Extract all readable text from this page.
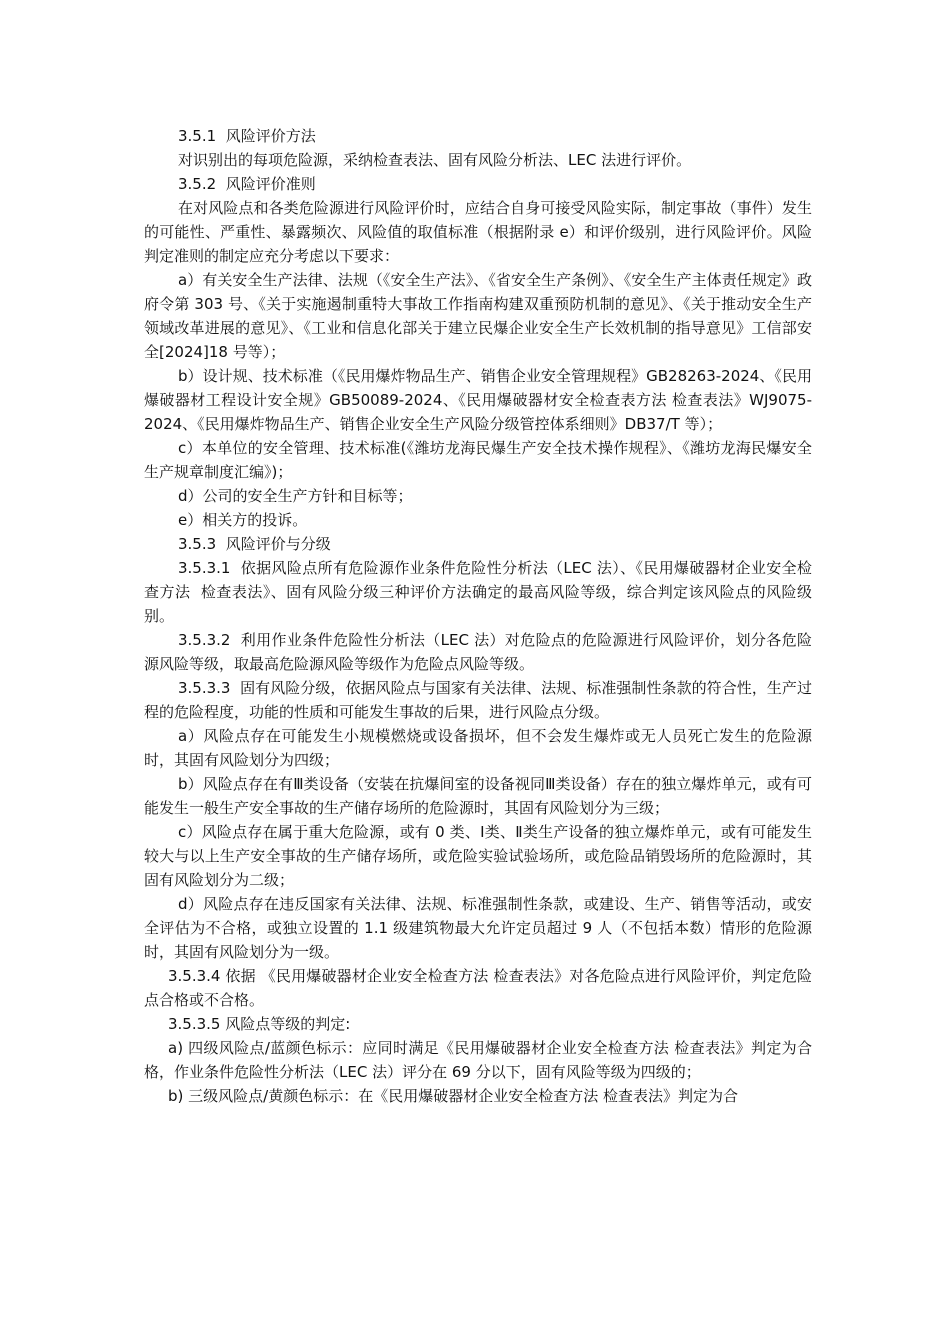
3.5.1  风险评价方法

对识别出的每项危险源，采纳检查表法、固有风险分析法、LEC 法进行评价。

3.5.2  风险评价准则

在对风险点和各类危险源进行风险评价时，应结合自身可接受风险实际，制定事故（事件）发生的可能性、严重性、暴露频次、风险值的取值标准（根据附录 e）和评价级别，进行风险评价。风险判定准则的制定应充分考虑以下要求：

a）有关安全生产法律、法规（《安全生产法》、《省安全生产条例》、《安全生产主体责任规定》政府令第 303 号、《关于实施遏制重特大事故工作指南构建双重预防机制的意见》、《关于推动安全生产领域改革进展的意见》、《工业和信息化部关于建立民爆企业安全生产长效机制的指导意见》工信部安全[2024]18 号等）；

b）设计规、技术标准（《民用爆炸物品生产、销售企业安全管理规程》GB28263-2024、《民用爆破器材工程设计安全规》GB50089-2024、《民用爆破器材安全检查表方法 检查表法》WJ9075-2024、《民用爆炸物品生产、销售企业安全生产风险分级管控体系细则》DB37/T 等）；

c）本单位的安全管理、技术标准(《潍坊龙海民爆生产安全技术操作规程》、《潍坊龙海民爆安全生产规章制度汇编》)；

d）公司的安全生产方针和目标等；

e）相关方的投诉。

3.5.3  风险评价与分级

3.5.3.1  依据风险点所有危险源作业条件危险性分析法（LEC 法）、《民用爆破器材企业安全检查方法  检查表法》、固有风险分级三种评价方法确定的最高风险等级，综合判定该风险点的风险级别。

3.5.3.2  利用作业条件危险性分析法（LEC 法）对危险点的危险源进行风险评价，划分各危险源风险等级，取最高危险源风险等级作为危险点风险等级。

3.5.3.3  固有风险分级，依据风险点与国家有关法律、法规、标准强制性条款的符合性，生产过程的危险程度，功能的性质和可能发生事故的后果，进行风险点分级。

a）风险点存在可能发生小规模燃烧或设备损坏，但不会发生爆炸或无人员死亡发生的危险源时，其固有风险划分为四级；

b）风险点存在有Ⅲ类设备（安装在抗爆间室的设备视同Ⅲ类设备）存在的独立爆炸单元，或有可能发生一般生产安全事故的生产储存场所的危险源时，其固有风险划分为三级；

c）风险点存在属于重大危险源，或有 0 类、Ⅰ类、Ⅱ类生产设备的独立爆炸单元，或有可能发生较大与以上生产安全事故的生产储存场所，或危险实验试验场所，或危险品销毁场所的危险源时，其固有风险划分为二级；

d）风险点存在违反国家有关法律、法规、标准强制性条款，或建设、生产、销售等活动，或安全评估为不合格，或独立设置的 1.1 级建筑物最大允许定员超过 9 人（不包括本数）情形的危险源时，其固有风险划分为一级。

3.5.3.4 依据 《民用爆破器材企业安全检查方法 检查表法》对各危险点进行风险评价，判定危险点合格或不合格。

3.5.3.5 风险点等级的判定:

a) 四级风险点/蓝颜色标示：应同时满足《民用爆破器材企业安全检查方法 检查表法》判定为合格，作业条件危险性分析法（LEC 法）评分在 69 分以下，固有风险等级为四级的；

b) 三级风险点/黄颜色标示：在《民用爆破器材企业安全检查方法 检查表法》判定为合
